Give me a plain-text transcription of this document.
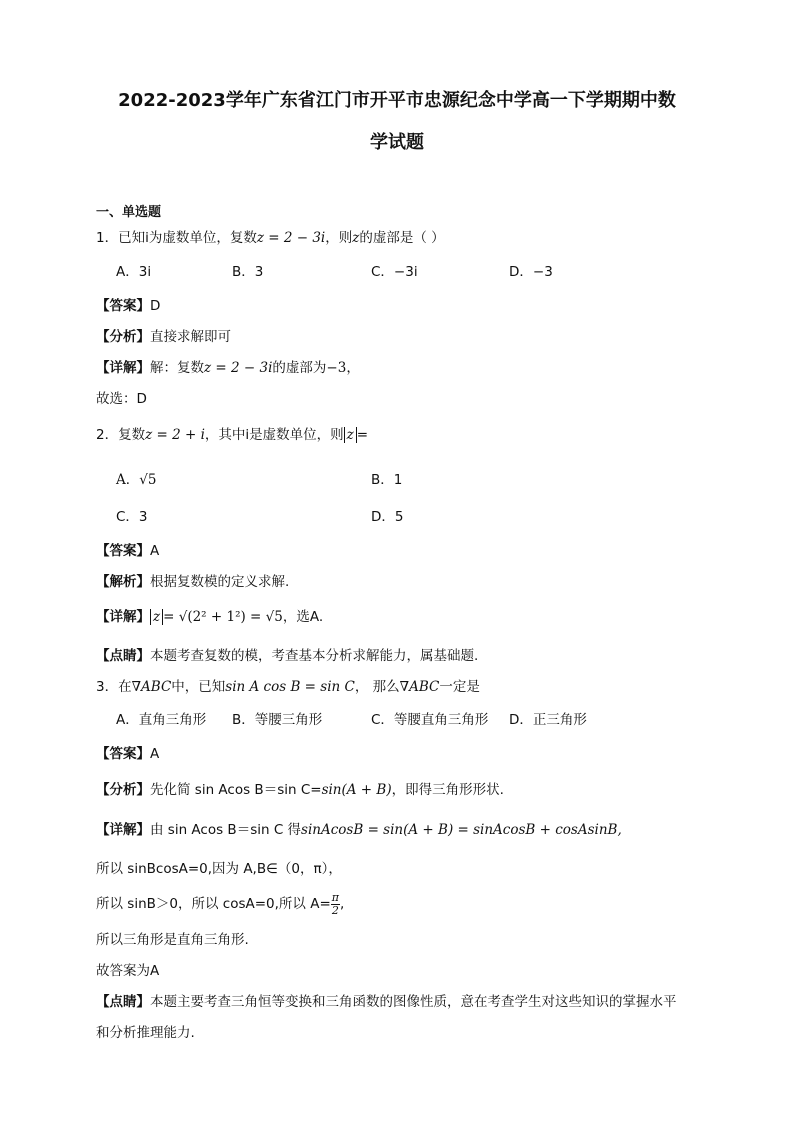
2022-2023学年广东省江门市开平市忠源纪念中学高一下学期期中数
学试题
一、单选题
1．已知i为虚数单位，复数z = 2 − 3i，则z的虚部是（ ）
A．3i	B．3	C．−3i	D．−3
【答案】D
【分析】直接求解即可
【详解】解：复数z = 2 − 3i的虚部为−3，
故选：D
2．复数z = 2 + i，其中i是虚数单位，则 z =
A．√5	B．1
C．3	D．5
【答案】A
【解析】根据复数模的定义求解.
【详解】 z = √(2² + 1²) = √5，选A.
【点睛】本题考查复数的模，考查基本分析求解能力，属基础题.
3．在∇ABC中，已知sin A cos B = sin C， 那么∇ABC一定是
A．直角三角形 B．等腰三角形	C．等腰直角三角形 D．正三角形
【答案】A
【分析】先化简 sin Acos B＝sin C=sin(A + B)，即得三角形形状.
【详解】由 sin Acos B＝sin C 得sinAcosB = sin(A + B) = sinAcosB + cosAsinB,
所以 sinBcosA=0,因为 A,B∈（0，π），
所以 sinB＞0，所以 cosA=0,所以 $A= \frac{\pi}{2}$ ,
所以三角形是直角三角形.
故答案为A
【点睛】本题主要考查三角恒等变换和三角函数的图像性质，意在考查学生对这些知识的掌握水平
和分析推理能力.
